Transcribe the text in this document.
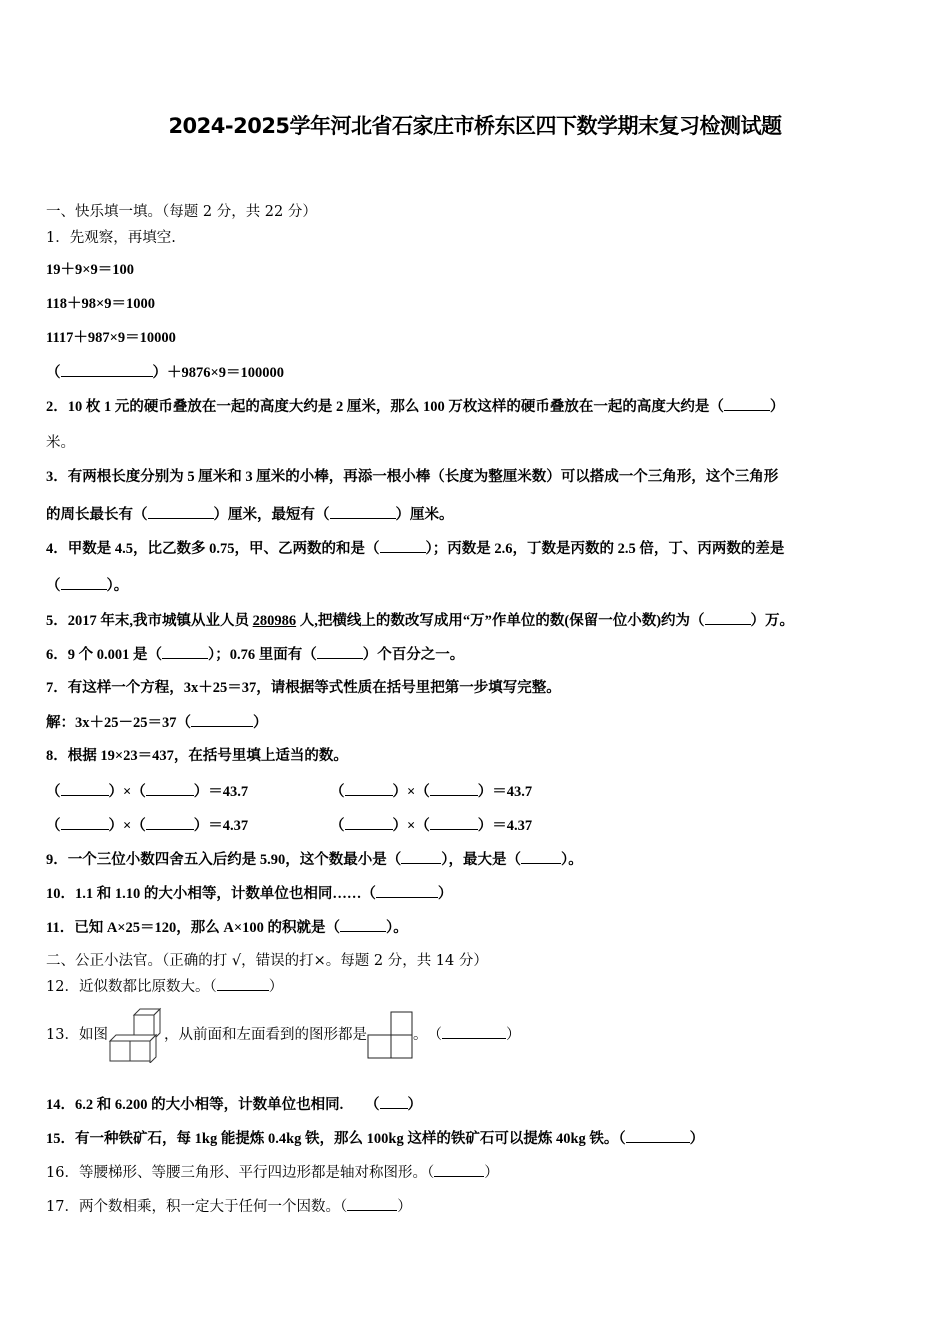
2024-2025学年河北省石家庄市桥东区四下数学期末复习检测试题
一、快乐填一填。（每题 2 分，共 22 分）
1．先观察，再填空.
19＋9×9＝100
118＋98×9＝1000
1117＋987×9＝10000
（	）＋9876×9＝100000
2．10 枚 1 元的硬币叠放在一起的高度大约是 2 厘米，那么 100 万枚这样的硬币叠放在一起的高度大约是（	）
米。
3．有两根长度分别为 5 厘米和 3 厘米的小棒，再添一根小棒（长度为整厘米数）可以搭成一个三角形，这个三角形
的周长最长有（	）厘米，最短有（	）厘米。
4．甲数是 4.5，比乙数多 0.75，甲、乙两数的和是（	）；丙数是 2.6，丁数是丙数的 2.5 倍，丁、丙两数的差是
（	）。
5．2017 年末,我市城镇从业人员 280986 人,把横线上的数改写成用“万”作单位的数(保留一位小数)约为（	）万。
6．9 个 0.001 是（	）；0.76 里面有（	）个百分之一。
7．有这样一个方程，3x＋25＝37，请根据等式性质在括号里把第一步填写完整。
解：3x＋25－25＝37（	）
8．根据 19×23＝437，在括号里填上适当的数。
（	）×（	）＝43.7	（	）×（	）＝43.7
（	）×（	）＝4.37	（	）×（	）＝4.37
9．一个三位小数四舍五入后约是 5.90，这个数最小是（	），最大是（	）。
10．1.1 和 1.10 的大小相等，计数单位也相同……（	）
11．已知 A×25＝120，那么 A×100 的积就是（	）。
二、公正小法官。（正确的打 √，错误的打×。每题 2 分，共 14 分）
12．近似数都比原数大。（	）
13．如图	，从前面和左面看到的图形都是	。　（	）
14．6.2 和 6.200 的大小相等，计数单位也相同.　　（ ）
15．有一种铁矿石，每 1kg 能提炼 0.4kg 铁，那么 100kg 这样的铁矿石可以提炼 40kg 铁。（	）
16．等腰梯形、等腰三角形、平行四边形都是轴对称图形。（	）
17．两个数相乘，积一定大于任何一个因数。（	）
